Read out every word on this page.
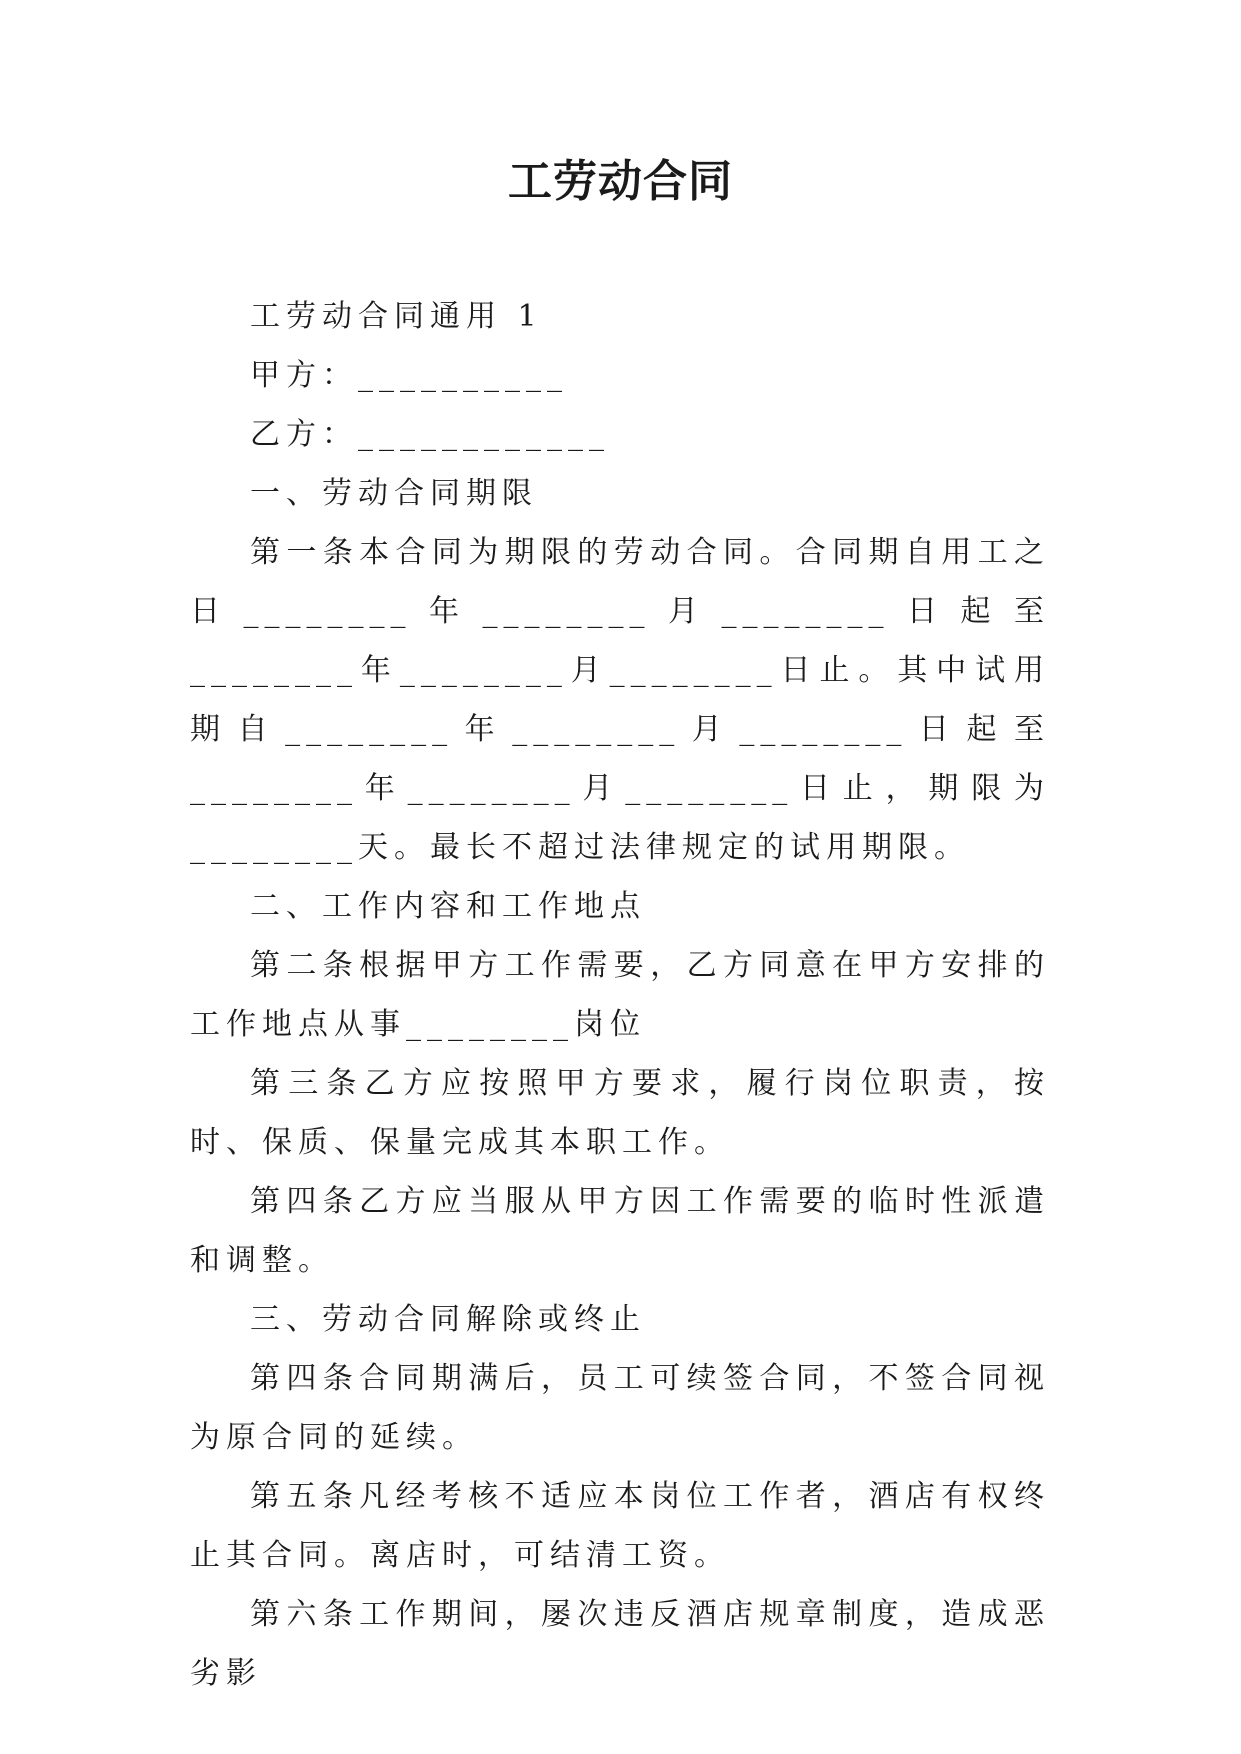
工劳动合同

工劳动合同通用 1

甲方：__________

乙方：____________

一、劳动合同期限

第一条本合同为期限的劳动合同。合同期自用工之日________年________月________日起至________年________月________日止。其中试用期自________年________月________日起至________年________月________日止，期限为________天。最长不超过法律规定的试用期限。

二、工作内容和工作地点

第二条根据甲方工作需要，乙方同意在甲方安排的工作地点从事________岗位

第三条乙方应按照甲方要求，履行岗位职责，按时、保质、保量完成其本职工作。

第四条乙方应当服从甲方因工作需要的临时性派遣和调整。

三、劳动合同解除或终止

第四条合同期满后，员工可续签合同，不签合同视为原合同的延续。

第五条凡经考核不适应本岗位工作者，酒店有权终止其合同。离店时，可结清工资。

第六条工作期间，屡次违反酒店规章制度，造成恶劣影
